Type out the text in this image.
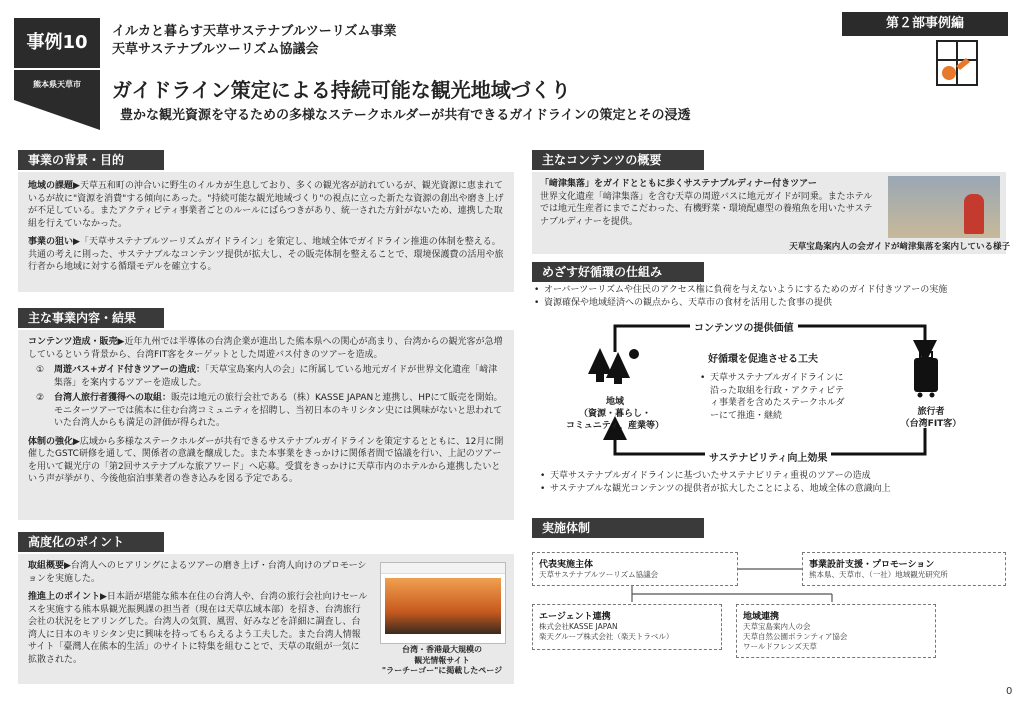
事例10
熊本県天草市
イルカと暮らす天草サステナブルツーリズム事業
天草サステナブルツーリズム協議会
ガイドライン策定による持続可能な観光地域づくり
豊かな観光資源を守るための多様なステークホルダーが共有できるガイドラインの策定とその浸透
第２部事例編
事業の背景・目的
地域の課題▶天草五和町の沖合いに野生のイルカが生息しており、多くの観光客が訪れているが、観光資源に恵まれているが故に"資源を消費"する傾向にあった。"持続可能な観光地域づくり"の視点に立った新たな資源の創出や磨き上げが不足している。またアクティビティ事業者ごとのルールにばらつきがあり、統一された方針がないため、連携した取組を行えていなかった。
事業の狙い▶「天草サステナブルツーリズムガイドライン」を策定し、地域全体でガイドライン推進の体制を整える。共通の考えに則った、サステナブルなコンテンツ提供が拡大し、その販売体制を整えることで、環境保護費の活用や旅行者から地域に対する循環モデルを確立する。
主な事業内容・結果
コンテンツ造成・販売▶近年九州では半導体の台湾企業が進出した熊本県への関心が高まり、台湾からの観光客が急増しているという背景から、台湾FIT客をターゲットとした周遊バス付きのツアーを造成。
①	周遊バス+ガイド付きツアーの造成：「天草宝島案内人の会」に所属している地元ガイドが世界文化遺産「﨑津集落」を案内するツアーを造成した。
②	台湾人旅行者獲得への取組：販売は地元の旅行会社である（株）KASSE JAPANと連携し、HPにて販売を開始。モニターツアーでは熊本に住む台湾コミュニティを招聘し、当初日本のキリシタン史には興味がないと思われていた台湾人からも満足の評価が得られた。
体制の強化▶広域から多様なステークホルダーが共有できるサステナブルガイドラインを策定するとともに、12月に開催したGSTC研修を通して、関係者の意識を醸成した。また本事業をきっかけに関係者間で協議を行い、上記のツアーを用いて観光庁の「第2回サステナブルな旅アワード」へ応募。受賞をきっかけに天草市内のホテルから連携したいという声が挙がり、今後他宿泊事業者の巻き込みを図る予定である。
高度化のポイント
取組概要▶台湾人へのヒアリングによるツアーの磨き上げ・台湾人向けのプロモーションを実施した。
推進上のポイント▶日本語が堪能な熊本在住の台湾人や、台湾の旅行会社向けセールスを実施する熊本県観光振興課の担当者（現在は天草広域本部）を招き、台湾旅行会社の状況をヒアリングした。台湾人の気質、風習、好みなどを詳細に調査し、台湾人に日本のキリシタン史に興味を持ってもらえるよう工夫した。また台湾人情報サイト「臺灣人在熊本的生活」のサイトに特集を組むことで、天草の取組が一気に拡散された。
台湾・香港最大規模の
観光情報サイト
"ラーチーゴー"に掲載したページ
主なコンテンツの概要
「﨑津集落」をガイドとともに歩くサステナブルディナー付きツアー
世界文化遺産「﨑津集落」を含む天草の周遊バスに地元ガイドが同乗。またホテルでは地元生産者にまでこだわった、有機野菜・環境配慮型の養殖魚を用いたサステナブルディナーを提供。
天草宝島案内人の会ガイドが﨑津集落を案内している様子
めざす好循環の仕組み
• オーバーツーリズムや住民のアクセス権に負荷を与えないようにするためのガイド付きツアーの実施
• 資源確保や地域経済への観点から、天草市の食材を活用した食事の提供
コンテンツの提供価値
サステナビリティ向上効果
好循環を促進させる工夫
• 天草サステナブルガイドラインに沿った取組を行政・アクティビティ事業者を含めたステークホルダーにて推進・継続
地域
（資源・暮らし・
コミュニティ、産業等）
旅行者
（台湾FIT客）
• 天草サステナブルガイドラインに基づいたサステナビリティ重視のツアーの造成
• サステナブルな観光コンテンツの提供者が拡大したことによる、地域全体の意識向上
実施体制
代表実施主体
天草サステナブルツーリズム協議会
事業設計支援・プロモーション
熊本県、天草市、（一社）地域観光研究所
エージェント連携
株式会社KASSE JAPAN
楽天グループ株式会社（楽天トラベル）
地域連携
天草宝島案内人の会
天草自然公園ボランティア協会
ワールドフレンズ天草
0
